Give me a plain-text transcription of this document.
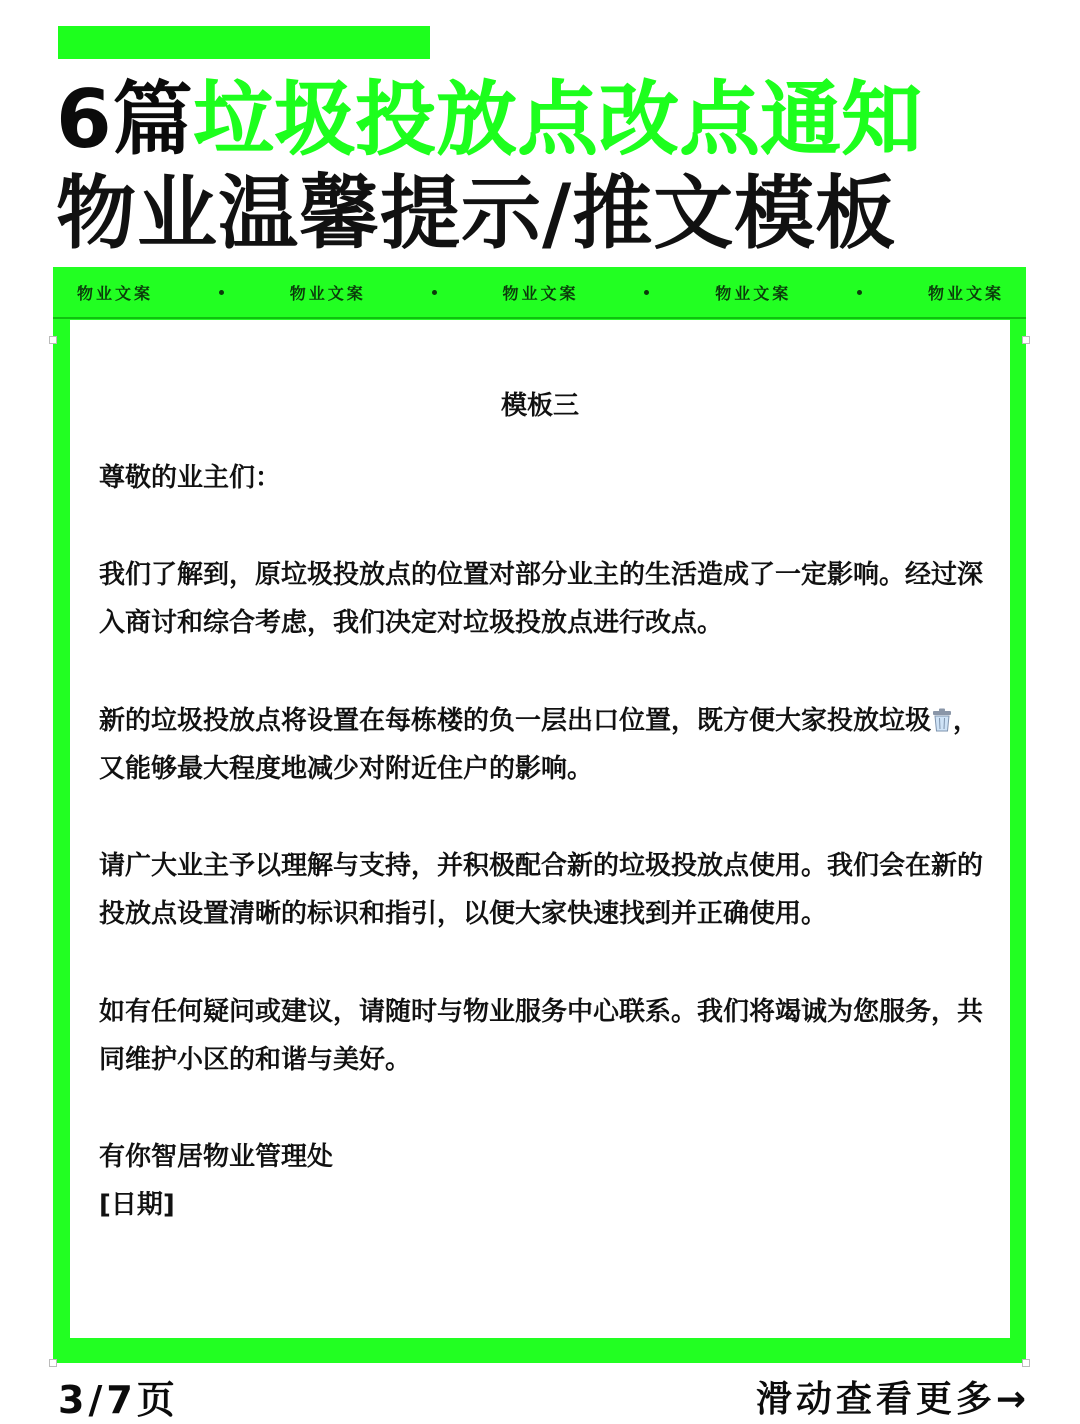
6篇垃圾投放点改点通知
物业温馨提示/推文模板
物业文案	物业文案	物业文案	物业文案	物业文案
模板三
尊敬的业主们：
我们了解到，原垃圾投放点的位置对部分业主的生活造成了一定影响。经过深入商讨和综合考虑，我们决定对垃圾投放点进行改点。
新的垃圾投放点将设置在每栋楼的负一层出口位置，既方便大家投放垃圾 ，又能够最大程度地减少对附近住户的影响。
请广大业主予以理解与支持，并积极配合新的垃圾投放点使用。我们会在新的投放点设置清晰的标识和指引，以便大家快速找到并正确使用。
如有任何疑问或建议，请随时与物业服务中心联系。我们将竭诚为您服务，共同维护小区的和谐与美好。
有你智居物业管理处
[日期]
3/7页	滑动查看更多→
